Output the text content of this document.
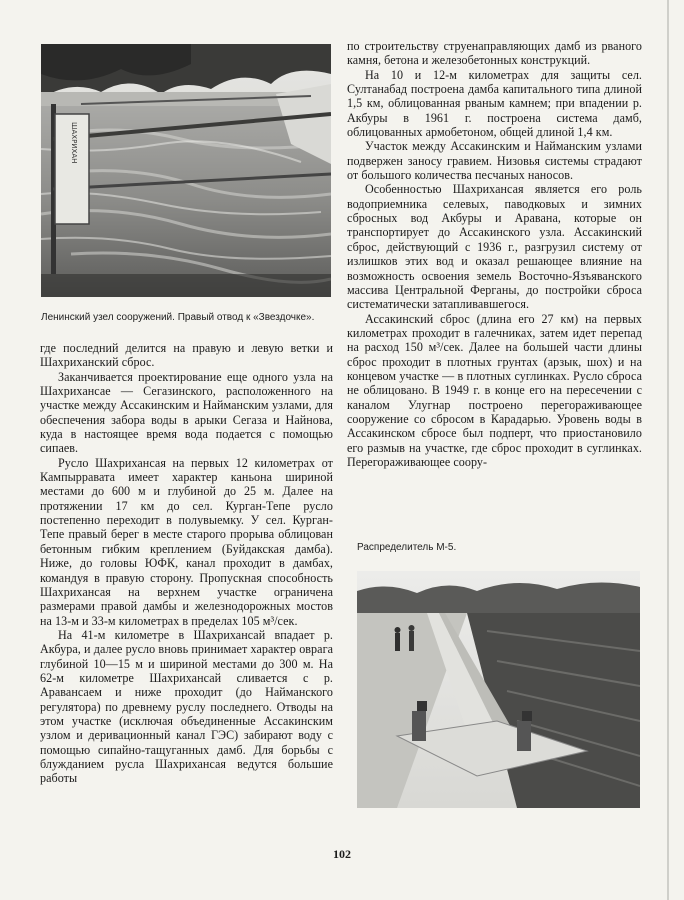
ШАХРИХАН
Ленинский узел сооружений. Правый отвод к «Звездочке».

где последний делится на правую и левую ветки и Шахриханский сброс.

Заканчивается проектирование еще одного узла на Шахрихансае — Сегазинского, расположенного на участке между Ассакинским и Найманским узлами, для обеспечения забора воды в арыки Сегаза и Найнова, куда в настоящее время вода подается с помощью сипаев.

Русло Шахрихансая на первых 12 километрах от Кампырравата имеет характер каньона шириной местами до 600 м и глубиной до 25 м. Далее на протяжении 17 км до сел. Курган-Тепе русло постепенно переходит в полувыемку. У сел. Курган-Тепе правый берег в месте старого прорыва облицован бетонным гибким креплением (Буйдакская дамба). Ниже, до головы ЮФК, канал проходит в дамбах, командуя в правую сторону. Пропускная способность Шахрихансая на верхнем участке ограничена размерами правой дамбы и железнодорожных мостов на 13-м и 33-м километрах в пределах 105 м³/сек.

На 41-м километре в Шахрихансай впадает р. Акбура, и далее русло вновь принимает характер оврага глубиной 10—15 м и шириной местами до 300 м. На 62-м километре Шахрихансай сливается с р. Аравансаем и ниже проходит (до Найманского регулятора) по древнему руслу последнего. Отводы на этом участке (исключая объединенные Ассакинским узлом и деривационный канал ГЭС) забирают воду с помощью сипайно-тащуганных дамб. Для борьбы с блужданием русла Шахрихансая ведутся большие работы

по строительству струенаправляющих дамб из рваного камня, бетона и железобетонных конструкций.

На 10 и 12-м километрах для защиты сел. Султанабад построена дамба капитального типа длиной 1,5 км, облицованная рваным камнем; при впадении р. Акбуры в 1961 г. построена система дамб, облицованных армобетоном, общей длиной 1,4 км.

Участок между Ассакинским и Найманским узлами подвержен заносу гравием. Низовья системы страдают от большого количества песчаных наносов.

Особенностью Шахрихансая является его роль водоприемника селевых, паводковых и зимних сбросных вод Акбуры и Аравана, которые он транспортирует до Ассакинского узла. Ассакинский сброс, действующий с 1936 г., разгрузил систему от излишков этих вод и оказал решающее влияние на возможность освоения земель Восточно-Язъяванского массива Центральной Ферганы, до постройки сброса систематически затапливавшегося.

Ассакинский сброс (длина его 27 км) на первых километрах проходит в галечниках, затем идет перепад на расход 150 м³/сек. Далее на большей части длины сброс проходит в плотных грунтах (арзык, шох) и на концевом участке — в плотных суглинках. Русло сброса не облицовано. В 1949 г. в конце его на пересечении с каналом Улугнар построено перегораживающее сооружение со сбросом в Карадарью. Уровень воды в Ассакинском сбросе был подперт, что приостановило его размыв на участке, где сброс проходит в суглинках. Перегораживающее соору-

Распределитель М-5.
102
